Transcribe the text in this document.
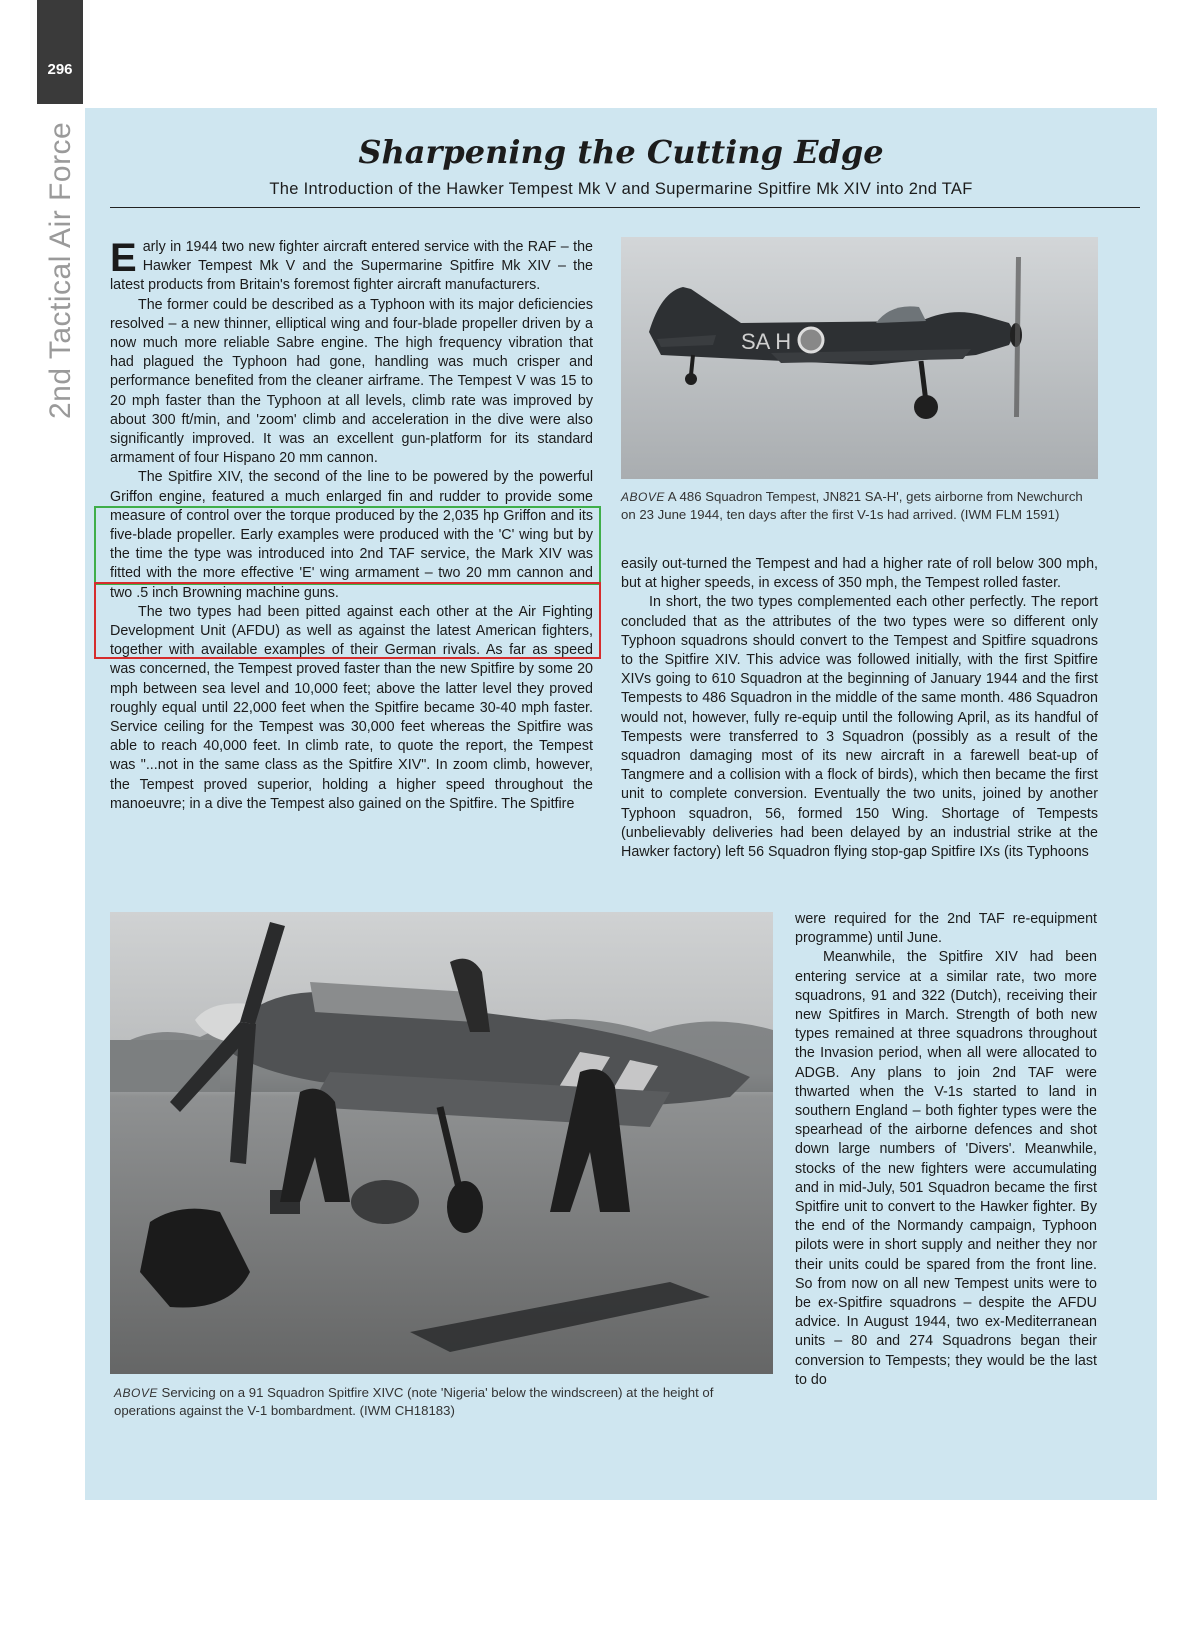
296
2nd Tactical Air Force	Sharpening the Cutting Edge
The Introduction of the Hawker Tempest Mk V and Supermarine Spitfire Mk XIV into 2nd TAF

Early in 1944 two new fighter aircraft entered service with the RAF – the Hawker Tempest Mk V and the Supermarine Spitfire Mk XIV – the latest products from Britain's foremost fighter aircraft manufacturers.

The former could be described as a Typhoon with its major deficiencies resolved – a new thinner, elliptical wing and four-blade propeller driven by a now much more reliable Sabre engine. The high frequency vibration that had plagued the Typhoon had gone, handling was much crisper and performance benefited from the cleaner airframe. The Tempest V was 15 to 20 mph faster than the Typhoon at all levels, climb rate was improved by about 300 ft/min, and 'zoom' climb and acceleration in the dive were also significantly improved. It was an excellent gun-platform for its standard armament of four Hispano 20 mm cannon.

The Spitfire XIV, the second of the line to be powered by the powerful Griffon engine, featured a much enlarged fin and rudder to provide some measure of control over the torque produced by the 2,035 hp Griffon and its five-blade propeller. Early examples were produced with the 'C' wing but by the time the type was introduced into 2nd TAF service, the Mark XIV was fitted with the more effective 'E' wing armament – two 20 mm cannon and two .5 inch Browning machine guns.

The two types had been pitted against each other at the Air Fighting Development Unit (AFDU) as well as against the latest American fighters, together with available examples of their German rivals. As far as speed was concerned, the Tempest proved faster than the new Spitfire by some 20 mph between sea level and 10,000 feet; above the latter level they proved roughly equal until 22,000 feet when the Spitfire became 30-40 mph faster. Service ceiling for the Tempest was 30,000 feet whereas the Spitfire was able to reach 40,000 feet. In climb rate, to quote the report, the Tempest was "...not in the same class as the Spitfire XIV". In zoom climb, however, the Tempest proved superior, holding a higher speed throughout the manoeuvre; in a dive the Tempest also gained on the Spitfire. The Spitfire

SA H
ABOVE A 486 Squadron Tempest, JN821 SA-H', gets airborne from Newchurch on 23 June 1944, ten days after the first V-1s had arrived. (IWM FLM 1591)

easily out-turned the Tempest and had a higher rate of roll below 300 mph, but at higher speeds, in excess of 350 mph, the Tempest rolled faster.

In short, the two types complemented each other perfectly. The report concluded that as the attributes of the two types were so different only Typhoon squadrons should convert to the Tempest and Spitfire squadrons to the Spitfire XIV. This advice was followed initially, with the first Spitfire XIVs going to 610 Squadron at the beginning of January 1944 and the first Tempests to 486 Squadron in the middle of the same month. 486 Squadron would not, however, fully re-equip until the following April, as its handful of Tempests were transferred to 3 Squadron (possibly as a result of the squadron damaging most of its new aircraft in a farewell beat-up of Tangmere and a collision with a flock of birds), which then became the first unit to complete conversion. Eventually the two units, joined by another Typhoon squadron, 56, formed 150 Wing. Shortage of Tempests (unbelievably deliveries had been delayed by an industrial strike at the Hawker factory) left 56 Squadron flying stop-gap Spitfire IXs (its Typhoons

ABOVE Servicing on a 91 Squadron Spitfire XIVC (note 'Nigeria' below the windscreen) at the height of operations against the V-1 bombardment. (IWM CH18183)

were required for the 2nd TAF re-equipment programme) until June.

Meanwhile, the Spitfire XIV had been entering service at a similar rate, two more squadrons, 91 and 322 (Dutch), receiving their new Spitfires in March. Strength of both new types remained at three squadrons throughout the Invasion period, when all were allocated to ADGB. Any plans to join 2nd TAF were thwarted when the V-1s started to land in southern England – both fighter types were the spearhead of the airborne defences and shot down large numbers of 'Divers'. Meanwhile, stocks of the new fighters were accumulating and in mid-July, 501 Squadron became the first Spitfire unit to convert to the Hawker fighter. By the end of the Normandy campaign, Typhoon pilots were in short supply and neither they nor their units could be spared from the front line. So from now on all new Tempest units were to be ex-Spitfire squadrons – despite the AFDU advice. In August 1944, two ex-Mediterranean units – 80 and 274 Squadrons began their conversion to Tempests; they would be the last to do
